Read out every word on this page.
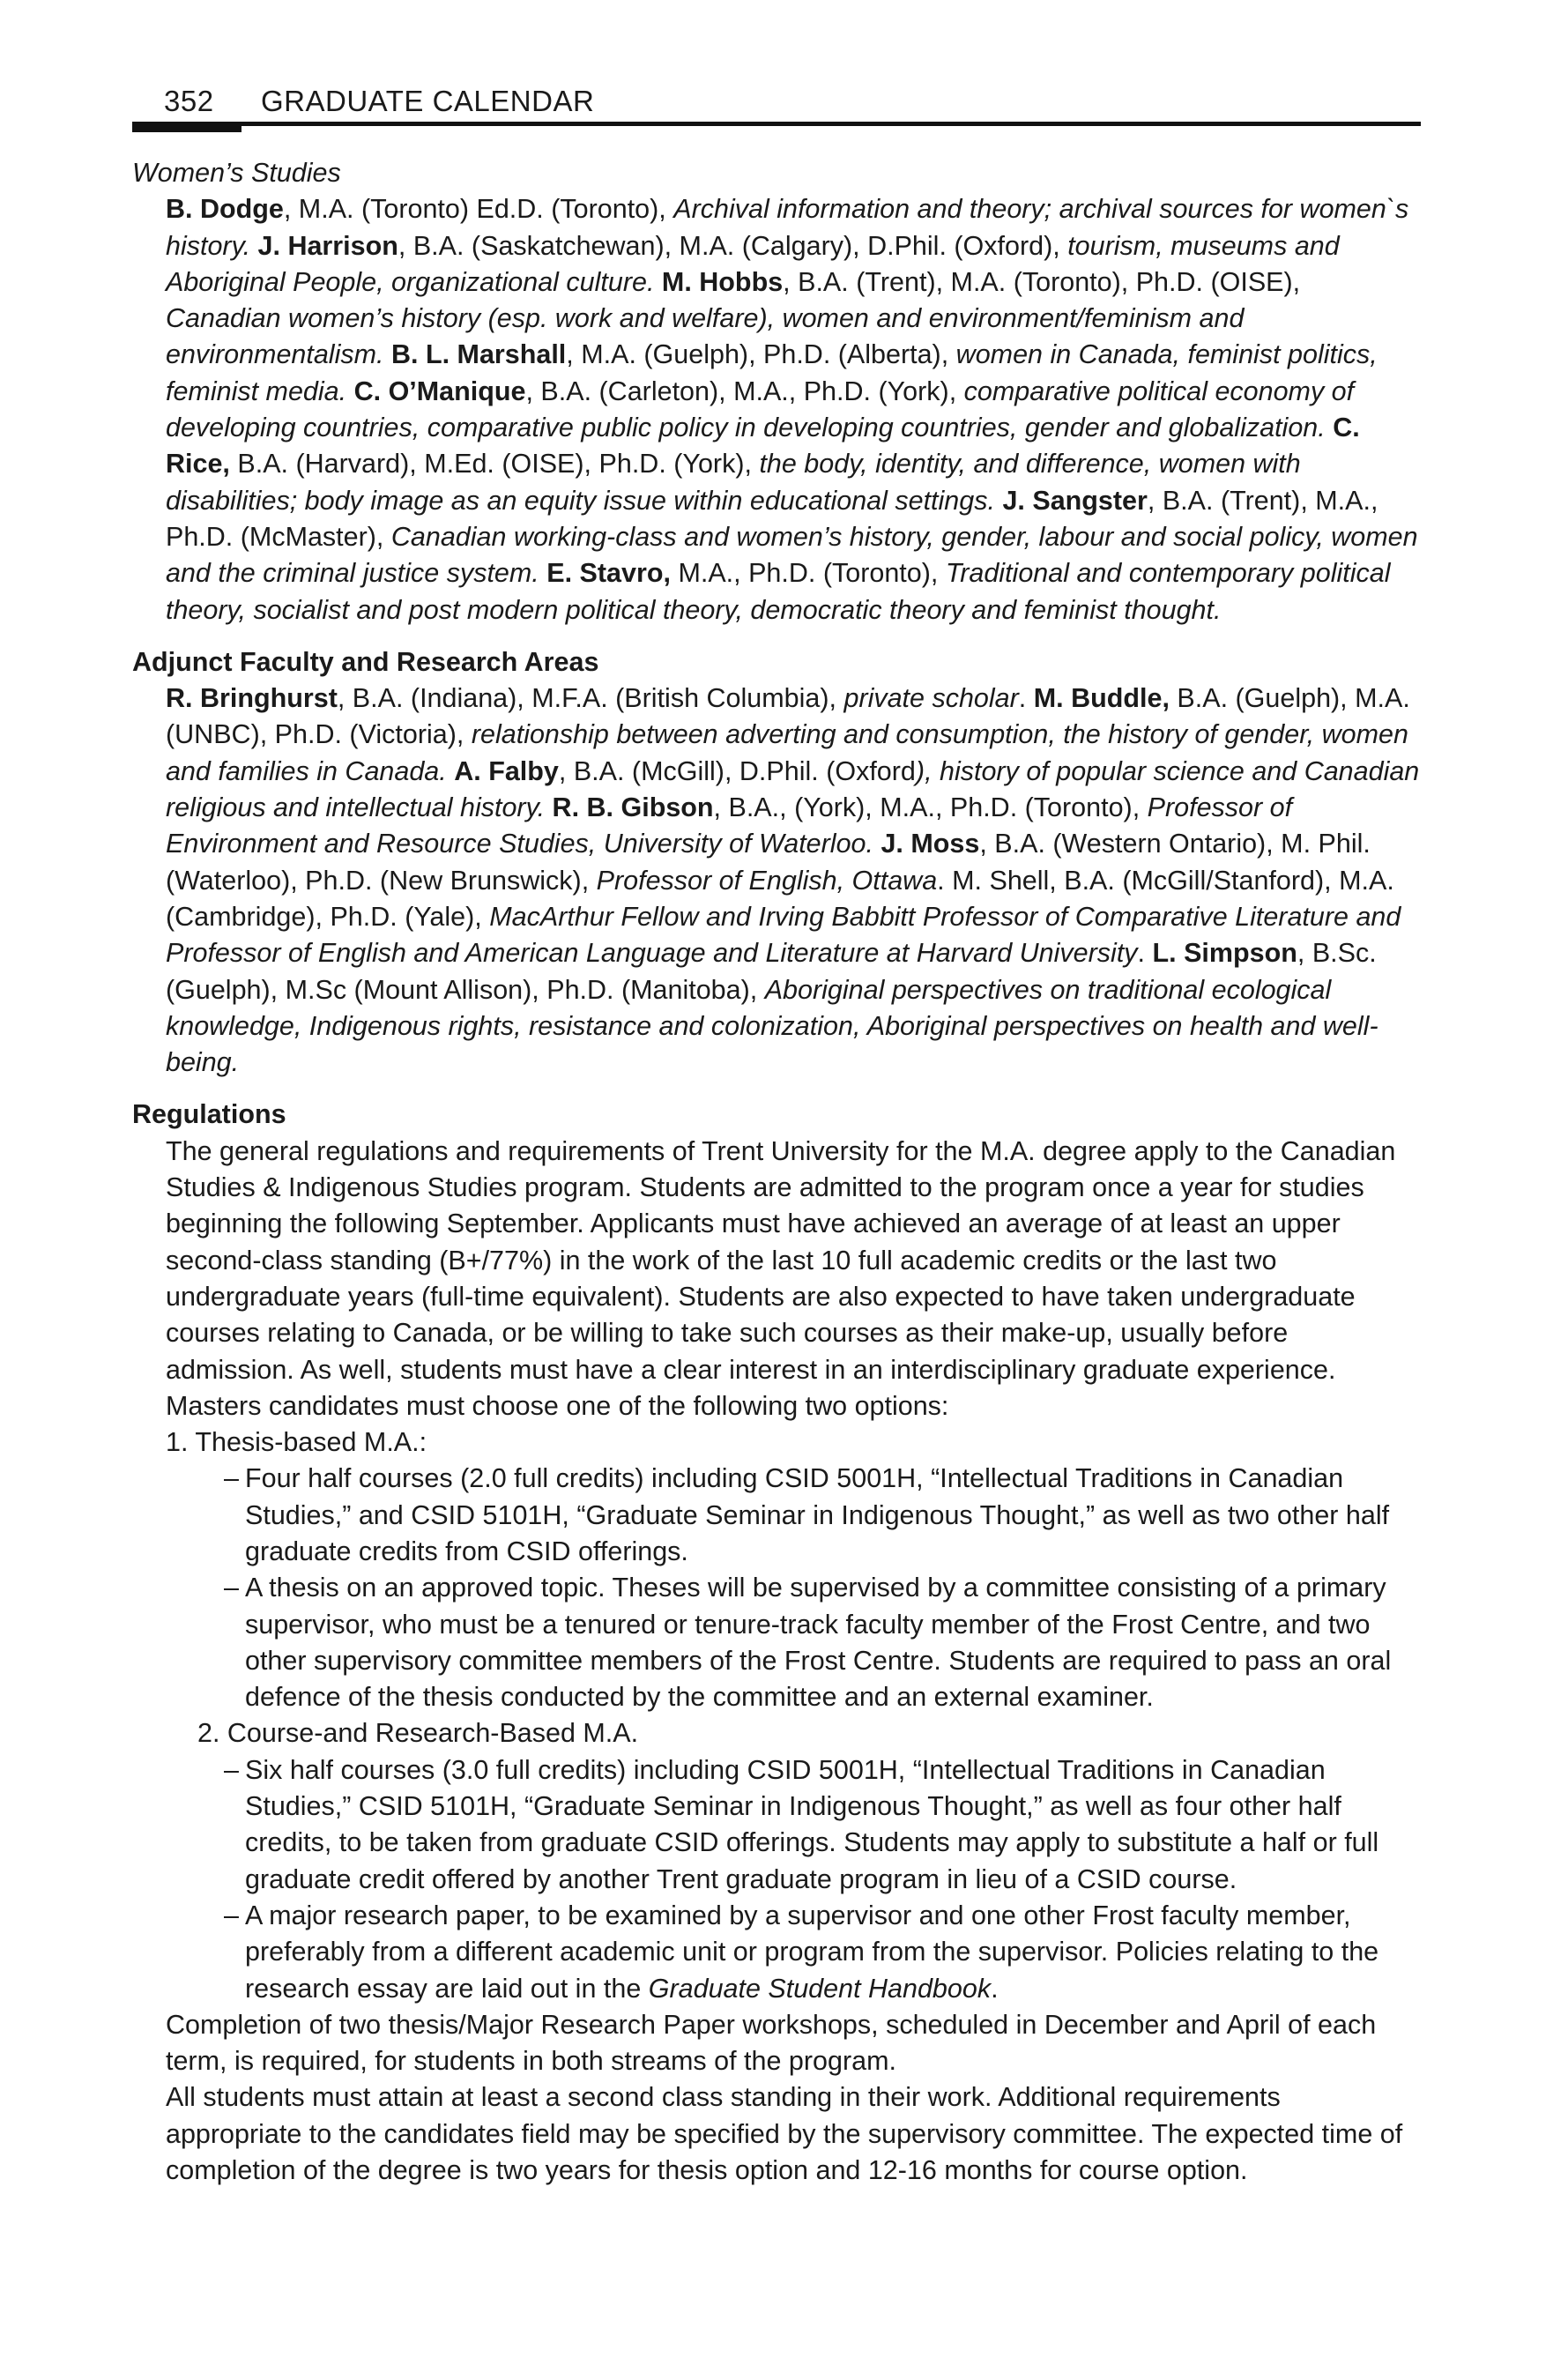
352 GRADUATE CALENDAR

Women’s Studies

B. Dodge, M.A. (Toronto) Ed.D. (Toronto), Archival information and theory; archival sources for women`s history. J. Harrison, B.A. (Saskatchewan), M.A. (Calgary), D.Phil. (Oxford), tourism, museums and Aboriginal People, organizational culture. M. Hobbs, B.A. (Trent), M.A. (Toronto), Ph.D. (OISE), Canadian women’s history (esp. work and welfare), women and environment/feminism and environmentalism. B. L. Marshall, M.A. (Guelph), Ph.D. (Alberta), women in Canada, feminist politics, feminist media. C. O’Manique, B.A. (Carleton), M.A., Ph.D. (York), comparative political economy of developing countries, comparative public policy in developing countries, gender and globalization. C. Rice, B.A. (Harvard), M.Ed. (OISE), Ph.D. (York), the body, identity, and difference, women with disabilities; body image as an equity issue within educational settings. J. Sangster, B.A. (Trent), M.A., Ph.D. (McMaster), Canadian working-class and women’s history, gender, labour and social policy, women and the criminal justice system. E. Stavro, M.A., Ph.D. (Toronto), Traditional and contemporary political theory, socialist and post modern political theory, democratic theory and feminist thought.

Adjunct Faculty and Research Areas

R. Bringhurst, B.A. (Indiana), M.F.A. (British Columbia), private scholar. M. Buddle, B.A. (Guelph), M.A. (UNBC), Ph.D. (Victoria), relationship between adverting and consumption, the history of gender, women and families in Canada. A. Falby, B.A. (McGill), D.Phil. (Oxford), history of popular science and Canadian religious and intellectual history. R. B. Gibson, B.A., (York), M.A., Ph.D. (Toronto), Professor of Environment and Resource Studies, University of Waterloo. J. Moss, B.A. (Western Ontario), M. Phil. (Waterloo), Ph.D. (New Brunswick), Professor of English, Ottawa. M. Shell, B.A. (McGill/Stanford), M.A. (Cambridge), Ph.D. (Yale), MacArthur Fellow and Irving Babbitt Professor of Comparative Literature and Professor of English and American Language and Literature at Harvard University. L. Simpson, B.Sc. (Guelph), M.Sc (Mount Allison), Ph.D. (Manitoba), Aboriginal perspectives on traditional ecological knowledge, Indigenous rights, resistance and colonization, Aboriginal perspectives on health and well-being.

Regulations

The general regulations and requirements of Trent University for the M.A. degree apply to the Canadian Studies & Indigenous Studies program. Students are admitted to the program once a year for studies beginning the following September. Applicants must have achieved an average of at least an upper second-class standing (B+/77%) in the work of the last 10 full academic credits or the last two undergraduate years (full-time equivalent). Students are also expected to have taken undergraduate courses relating to Canada, or be willing to take such courses as their make-up, usually before admission. As well, students must have a clear interest in an interdisciplinary graduate experience. Masters candidates must choose one of the following two options:

1. Thesis-based M.A.:

– Four half courses (2.0 full credits) including CSID 5001H, “Intellectual Traditions in Canadian Studies,” and CSID 5101H, “Graduate Seminar in Indigenous Thought,” as well as two other half graduate credits from CSID offerings.

– A thesis on an approved topic. Theses will be supervised by a committee consisting of a primary supervisor, who must be a tenured or tenure-track faculty member of the Frost Centre, and two other supervisory committee members of the Frost Centre. Students are required to pass an oral defence of the thesis conducted by the committee and an external examiner.

2. Course-and Research-Based M.A.

– Six half courses (3.0 full credits) including CSID 5001H, “Intellectual Traditions in Canadian Studies,” CSID 5101H, “Graduate Seminar in Indigenous Thought,” as well as four other half credits, to be taken from graduate CSID offerings. Students may apply to substitute a half or full graduate credit offered by another Trent graduate program in lieu of a CSID course.

– A major research paper, to be examined by a supervisor and one other Frost faculty member, preferably from a different academic unit or program from the supervisor. Policies relating to the research essay are laid out in the Graduate Student Handbook.

Completion of two thesis/Major Research Paper workshops, scheduled in December and April of each term, is required, for students in both streams of the program.

All students must attain at least a second class standing in their work. Additional requirements appropriate to the candidates field may be specified by the supervisory committee. The expected time of completion of the degree is two years for thesis option and 12-16 months for course option.
